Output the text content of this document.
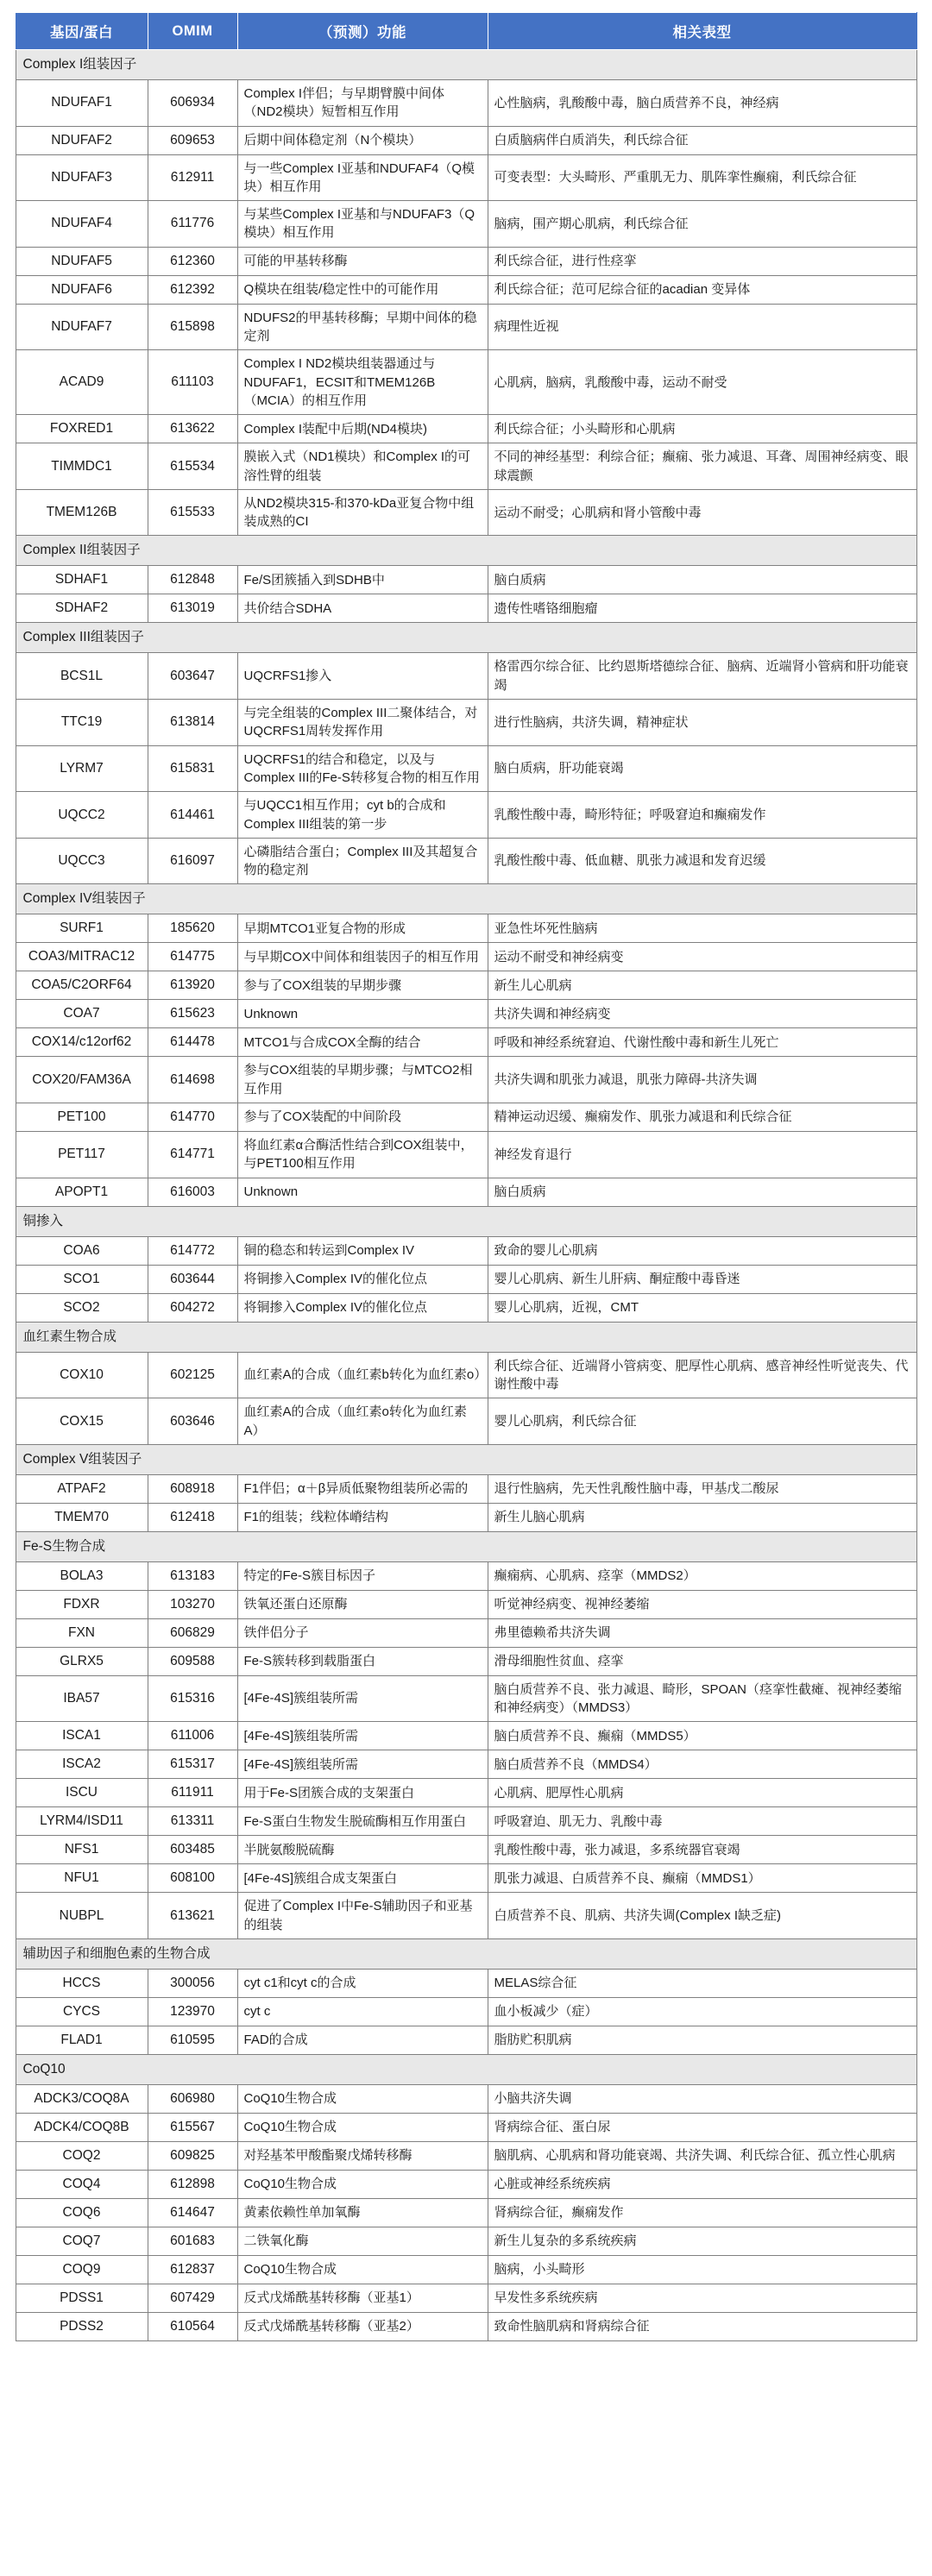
基因/蛋白	OMIM	（预测）功能	相关表型
Complex I组装因子			
NDUFAF1	606934	Complex I伴侣；与早期臂膜中间体（ND2模块）短暂相互作用	心性脑病，乳酸酸中毒，脑白质营养不良，神经病
NDUFAF2	609653	后期中间体稳定剂（N个模块）	白质脑病伴白质消失，利氏综合征
NDUFAF3	612911	与一些Complex I亚基和NDUFAF4（Q模块）相互作用	可变表型：大头畸形、严重肌无力、肌阵挛性癫痫，利氏综合征
NDUFAF4	611776	与某些Complex I亚基和与NDUFAF3（Q模块）相互作用	脑病，围产期心肌病，利氏综合征
NDUFAF5	612360	可能的甲基转移酶	利氏综合征，进行性痉挛
NDUFAF6	612392	Q模块在组装/稳定性中的可能作用	利氏综合征；范可尼综合征的acadian 变异体
NDUFAF7	615898	NDUFS2的甲基转移酶；早期中间体的稳定剂	病理性近视
ACAD9	611103	Complex I ND2模块组装器通过与NDUFAF1，ECSIT和TMEM126B（MCIA）的相互作用	心肌病，脑病，乳酸酸中毒，运动不耐受
FOXRED1	613622	Complex I装配中后期(ND4模块)	利氏综合征；小头畸形和心肌病
TIMMDC1	615534	膜嵌入式（ND1模块）和Complex I的可溶性臂的组装	不同的神经基型：利综合征；癫痫、张力减退、耳聋、周围神经病变、眼球震颤
TMEM126B	615533	从ND2模块315-和370-kDa亚复合物中组装成熟的CI	运动不耐受；心肌病和肾小管酸中毒
Complex II组装因子			
SDHAF1	612848	Fe/S团簇插入到SDHB中	脑白质病
SDHAF2	613019	共价结合SDHA	遗传性嗜铬细胞瘤
Complex III组装因子			
BCS1L	603647	UQCRFS1掺入	格雷西尔综合征、比约恩斯塔德综合征、脑病、近端肾小管病和肝功能衰竭
TTC19	613814	与完全组装的Complex III二聚体结合，对UQCRFS1周转发挥作用	进行性脑病，共济失调，精神症状
LYRM7	615831	UQCRFS1的结合和稳定，以及与Complex III的Fe-S转移复合物的相互作用	脑白质病，肝功能衰竭
UQCC2	614461	与UQCC1相互作用；cyt b的合成和Complex III组装的第一步	乳酸性酸中毒，畸形特征；呼吸窘迫和癫痫发作
UQCC3	616097	心磷脂结合蛋白；Complex III及其超复合物的稳定剂	乳酸性酸中毒、低血糖、肌张力减退和发育迟缓
Complex IV组装因子			
SURF1	185620	早期MTCO1亚复合物的形成	亚急性坏死性脑病
COA3/MITRAC12	614775	与早期COX中间体和组装因子的相互作用	运动不耐受和神经病变
COA5/C2ORF64	613920	参与了COX组装的早期步骤	新生儿心肌病
COA7	615623	Unknown	共济失调和神经病变
COX14/c12orf62	614478	MTCO1与合成COX全酶的结合	呼吸和神经系统窘迫、代谢性酸中毒和新生儿死亡
COX20/FAM36A	614698	参与COX组装的早期步骤；与MTCO2相互作用	共济失调和肌张力减退，肌张力障碍-共济失调
PET100	614770	参与了COX装配的中间阶段	精神运动迟缓、癫痫发作、肌张力减退和利氏综合征
PET117	614771	将血红素α合酶活性结合到COX组装中，与PET100相互作用	神经发育退行
APOPT1	616003	Unknown	脑白质病
铜掺入			
COA6	614772	铜的稳态和转运到Complex IV	致命的婴儿心肌病
SCO1	603644	将铜掺入Complex IV的催化位点	婴儿心肌病、新生儿肝病、酮症酸中毒昏迷
SCO2	604272	将铜掺入Complex IV的催化位点	婴儿心肌病，近视，CMT
血红素生物合成			
COX10	602125	血红素A的合成（血红素b转化为血红素o）	利氏综合征、近端肾小管病变、肥厚性心肌病、感音神经性听觉丧失、代谢性酸中毒
COX15	603646	血红素A的合成（血红素o转化为血红素A）	婴儿心肌病，利氏综合征
Complex V组装因子			
ATPAF2	608918	F1伴侣；α＋β异质低聚物组装所必需的	退行性脑病，先天性乳酸性脑中毒，甲基戊二酸尿
TMEM70	612418	F1的组装；线粒体嵴结构	新生儿脑心肌病
Fe-S生物合成			
BOLA3	613183	特定的Fe-S簇目标因子	癫痫病、心肌病、痉挛（MMDS2）
FDXR	103270	铁氧还蛋白还原酶	听觉神经病变、视神经萎缩
FXN	606829	铁伴侣分子	弗里德赖希共济失调
GLRX5	609588	Fe-S簇转移到载脂蛋白	滑母细胞性贫血、痉挛
IBA57	615316	[4Fe-4S]簇组装所需	脑白质营养不良、张力减退、畸形，SPOAN（痉挛性截瘫、视神经萎缩和神经病变）（MMDS3）
ISCA1	611006	[4Fe-4S]簇组装所需	脑白质营养不良、癫痫（MMDS5）
ISCA2	615317	[4Fe-4S]簇组装所需	脑白质营养不良（MMDS4）
ISCU	611911	用于Fe-S团簇合成的支架蛋白	心肌病、肥厚性心肌病
LYRM4/ISD11	613311	Fe-S蛋白生物发生脱硫酶相互作用蛋白	呼吸窘迫、肌无力、乳酸中毒
NFS1	603485	半胱氨酸脱硫酶	乳酸性酸中毒，张力减退，多系统器官衰竭
NFU1	608100	[4Fe-4S]簇组合成支架蛋白	肌张力减退、白质营养不良、癫痫（MMDS1）
NUBPL	613621	促进了Complex I中Fe-S辅助因子和亚基的组装	白质营养不良、肌病、共济失调(Complex I缺乏症)
辅助因子和细胞色素的生物合成			
HCCS	300056	cyt c1和cyt c的合成	MELAS综合征
CYCS	123970	cyt c	血小板减少（症）
FLAD1	610595	FAD的合成	脂肪贮积肌病
CoQ10			
ADCK3/COQ8A	606980	CoQ10生物合成	小脑共济失调
ADCK4/COQ8B	615567	CoQ10生物合成	肾病综合征、蛋白尿
COQ2	609825	对羟基苯甲酸酯聚戊烯转移酶	脑肌病、心肌病和肾功能衰竭、共济失调、利氏综合征、孤立性心肌病
COQ4	612898	CoQ10生物合成	心脏或神经系统疾病
COQ6	614647	黄素依赖性单加氧酶	肾病综合征，癫痫发作
COQ7	601683	二铁氧化酶	新生儿复杂的多系统疾病
COQ9	612837	CoQ10生物合成	脑病，小头畸形
PDSS1	607429	反式戊烯酰基转移酶（亚基1）	早发性多系统疾病
PDSS2	610564	反式戊烯酰基转移酶（亚基2）	致命性脑肌病和肾病综合征
